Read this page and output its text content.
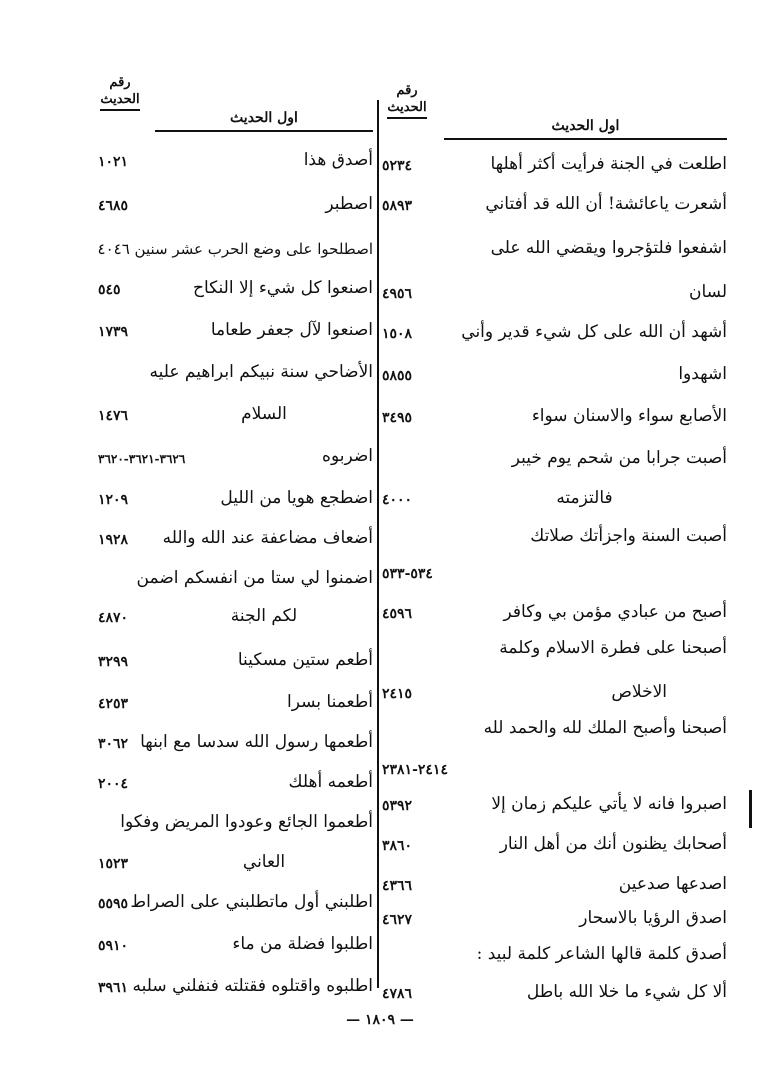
رقم
الحديث
اول الحديث
٥٢٣٤	اطلعت في الجنة فرأيت أكثر أهلها
٥٨٩٣	أشعرت ياعائشة! أن الله قد أفتاني
اشفعوا فلتؤجروا ويقضي الله على
٤٩٥٦	لسان
١٥٠٨	أشهد أن الله على كل شيء قدير وأني
٥٨٥٥	اشهدوا
٣٤٩٥	الأصابع سواء والاسنان سواء
أصبت جرابا من شحم يوم خيبر
٤٠٠٠	فالتزمته
أصبت السنة واجزأتك صلاتك
٥٣٤-٥٣٣
٤٥٩٦	أصبح من عبادي مؤمن بي وكافر
أصبحنا على فطرة الاسلام وكلمة
٢٤١٥	الاخلاص
أصبحنا وأصبح الملك لله والحمد لله
٢٤١٤-٢٣٨١
٥٣٩٢	اصبروا فانه لا يأتي عليكم زمان إلا
٣٨٦٠	أصحابك يظنون أنك من أهل النار
٤٣٦٦	اصدعها صدعين
٤٦٢٧	اصدق الرؤيا بالاسحار
أصدق كلمة قالها الشاعر كلمة لبيد :
٤٧٨٦	ألا كل شيء ما خلا الله باطل
رقم
الحديث
اول الحديث
١٠٢١	أصدق هذا
٤٦٨٥	اصطبر
اصطلحوا على وضع الحرب عشر سنين ٤٠٤٦
٥٤٥	اصنعوا كل شيء إلا النكاح
١٧٣٩	اصنعوا لآل جعفر طعاما
الأضاحي سنة نبيكم ابراهيم عليه
١٤٧٦	السلام
٣٦٢٦-٣٦٢١-٣٦٢٠	اضربوه
١٢٠٩	اضطجع هويا من الليل
١٩٢٨	أضعاف مضاعفة عند الله والله
اضمنوا لي ستا من انفسكم اضمن
٤٨٧٠	لكم الجنة
٣٢٩٩	أطعم ستين مسكينا
٤٢٥٣	أطعمنا بسرا
٣٠٦٢ أطعمها رسول الله سدسا مع ابنها
٢٠٠٤	أطعمه أهلك
أطعموا الجائع وعودوا المريض وفكوا
١٥٢٣	العاني
٥٥٩٥ اطلبني أول ماتطلبني على الصراط
٥٩١٠	اطلبوا فضلة من ماء
٣٩٦١ اطلبوه واقتلوه فقتلته فنفلني سلبه
— ١٨٠٩ —
